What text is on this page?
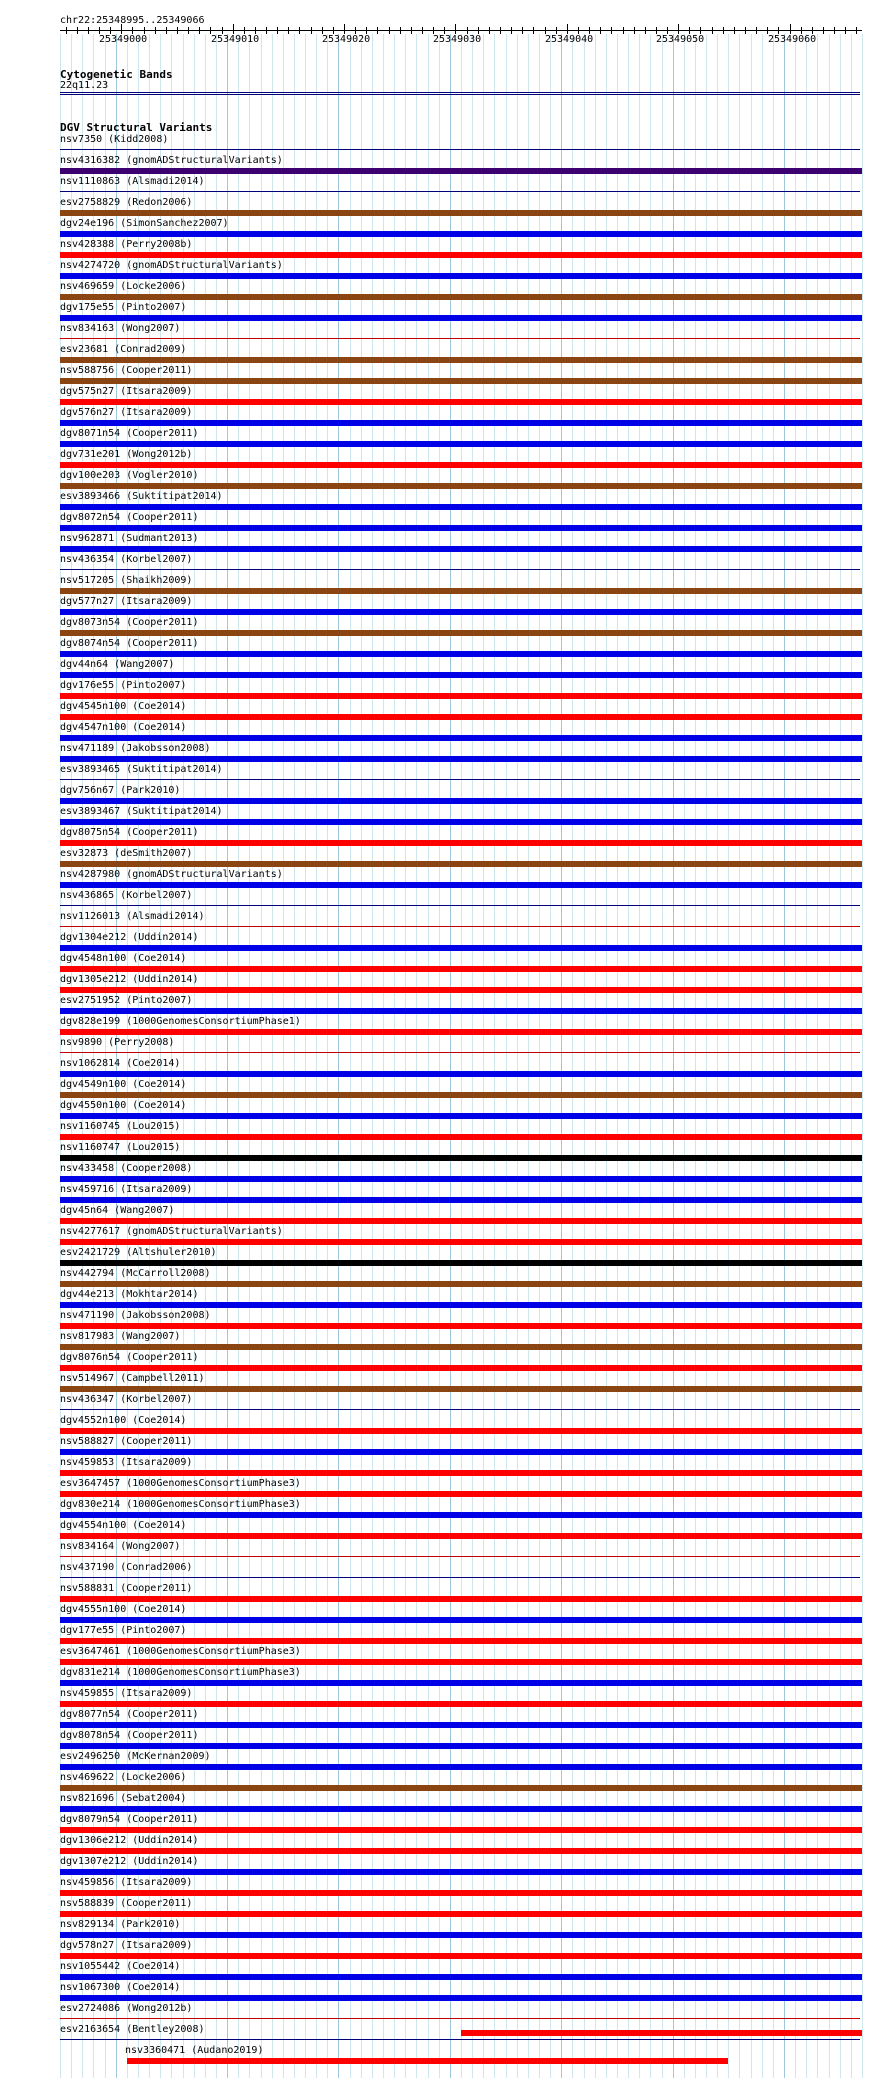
chr22:25348995..25349066
25349000	25349010	25349020	25349030	25349040	25349050	25349060
Cytogenetic Bands
22q11.23
DGV Structural Variants
nsv7350 (Kidd2008)
nsv4316382 (gnomADStructuralVariants)
nsv1110863 (Alsmadi2014)
esv2758829 (Redon2006)
dgv24e196 (SimonSanchez2007)
nsv428388 (Perry2008b)
nsv4274720 (gnomADStructuralVariants)
nsv469659 (Locke2006)
dgv175e55 (Pinto2007)
nsv834163 (Wong2007)
esv23681 (Conrad2009)
nsv588756 (Cooper2011)
dgv575n27 (Itsara2009)
dgv576n27 (Itsara2009)
dgv8071n54 (Cooper2011)
dgv731e201 (Wong2012b)
dgv100e203 (Vogler2010)
esv3893466 (Suktitipat2014)
dgv8072n54 (Cooper2011)
nsv962871 (Sudmant2013)
nsv436354 (Korbel2007)
nsv517205 (Shaikh2009)
dgv577n27 (Itsara2009)
dgv8073n54 (Cooper2011)
dgv8074n54 (Cooper2011)
dgv44n64 (Wang2007)
dgv176e55 (Pinto2007)
dgv4545n100 (Coe2014)
dgv4547n100 (Coe2014)
nsv471189 (Jakobsson2008)
esv3893465 (Suktitipat2014)
dgv756n67 (Park2010)
esv3893467 (Suktitipat2014)
dgv8075n54 (Cooper2011)
esv32873 (deSmith2007)
nsv4287980 (gnomADStructuralVariants)
nsv436865 (Korbel2007)
nsv1126013 (Alsmadi2014)
dgv1304e212 (Uddin2014)
dgv4548n100 (Coe2014)
dgv1305e212 (Uddin2014)
esv2751952 (Pinto2007)
dgv828e199 (1000GenomesConsortiumPhase1)
nsv9890 (Perry2008)
nsv1062814 (Coe2014)
dgv4549n100 (Coe2014)
dgv4550n100 (Coe2014)
nsv1160745 (Lou2015)
nsv1160747 (Lou2015)
nsv433458 (Cooper2008)
nsv459716 (Itsara2009)
dgv45n64 (Wang2007)
nsv4277617 (gnomADStructuralVariants)
esv2421729 (Altshuler2010)
nsv442794 (McCarroll2008)
dgv44e213 (Mokhtar2014)
nsv471190 (Jakobsson2008)
nsv817983 (Wang2007)
dgv8076n54 (Cooper2011)
nsv514967 (Campbell2011)
nsv436347 (Korbel2007)
dgv4552n100 (Coe2014)
nsv588827 (Cooper2011)
nsv459853 (Itsara2009)
esv3647457 (1000GenomesConsortiumPhase3)
dgv830e214 (1000GenomesConsortiumPhase3)
dgv4554n100 (Coe2014)
nsv834164 (Wong2007)
nsv437190 (Conrad2006)
nsv588831 (Cooper2011)
dgv4555n100 (Coe2014)
dgv177e55 (Pinto2007)
esv3647461 (1000GenomesConsortiumPhase3)
dgv831e214 (1000GenomesConsortiumPhase3)
nsv459855 (Itsara2009)
dgv8077n54 (Cooper2011)
dgv8078n54 (Cooper2011)
esv2496250 (McKernan2009)
nsv469622 (Locke2006)
nsv821696 (Sebat2004)
dgv8079n54 (Cooper2011)
dgv1306e212 (Uddin2014)
dgv1307e212 (Uddin2014)
nsv459856 (Itsara2009)
nsv588839 (Cooper2011)
nsv829134 (Park2010)
dgv578n27 (Itsara2009)
nsv1055442 (Coe2014)
nsv1067300 (Coe2014)
esv2724086 (Wong2012b)
esv2163654 (Bentley2008)
nsv3360471 (Audano2019)
